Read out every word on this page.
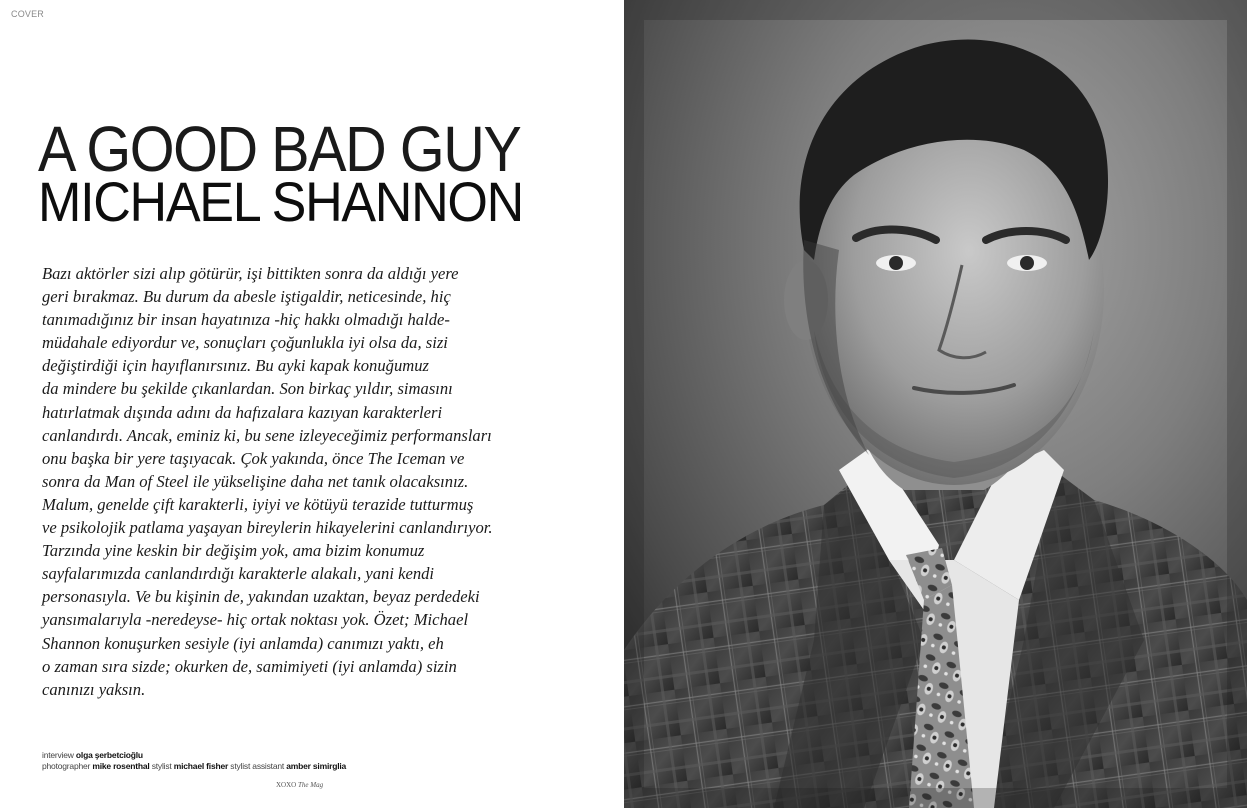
COVER
A GOOD BAD GUY
MICHAEL SHANNON

Bazı aktörler sizi alıp götürür, işi bittikten sonra da aldığı yere
geri bırakmaz. Bu durum da abesle iştigaldir, neticesinde, hiç
tanımadığınız bir insan hayatınıza -hiç hakkı olmadığı halde-
müdahale ediyordur ve, sonuçları çoğunlukla iyi olsa da, sizi
değiştirdiği için hayıflanırsınız. Bu ayki kapak konuğumuz
da mindere bu şekilde çıkanlardan. Son birkaç yıldır, simasını
hatırlatmak dışında adını da hafızalara kazıyan karakterleri
canlandırdı. Ancak, eminiz ki, bu sene izleyeceğimiz performansları
onu başka bir yere taşıyacak. Çok yakında, önce The Iceman ve
sonra da Man of Steel ile yükselişine daha net tanık olacaksınız.
Malum, genelde çift karakterli, iyiyi ve kötüyü terazide tutturmuş
ve psikolojik patlama yaşayan bireylerin hikayelerini canlandırıyor.
Tarzında yine keskin bir değişim yok, ama bizim konumuz
sayfalarımızda canlandırdığı karakterle alakalı, yani kendi
personasıyla. Ve bu kişinin de, yakından uzaktan, beyaz perdedeki
yansımalarıyla -neredeyse- hiç ortak noktası yok. Özet; Michael
Shannon konuşurken sesiyle (iyi anlamda) canımızı yaktı, eh
o zaman sıra sizde; okurken de, samimiyeti (iyi anlamda) sizin
canınızı yaksın.

interview olga şerbetcioğlu
photographer mike rosenthal stylist michael fisher stylist assistant amber simirglia
XOXO The Mag
